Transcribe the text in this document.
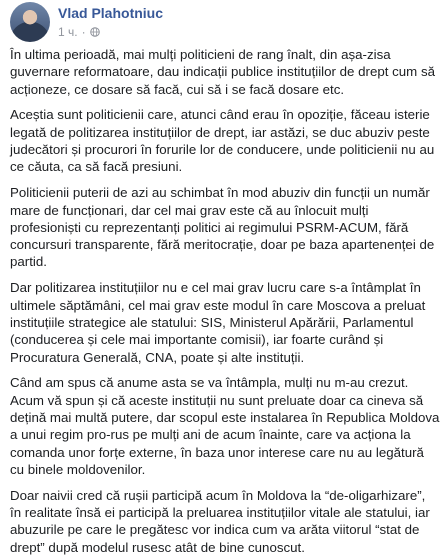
Vlad Plahotniuc
1 ч. ·

În ultima perioadă, mai mulți politicieni de rang înalt, din așa-zisa guvernare reformatoare, dau indicații publice instituțiilor de drept cum să acționeze, ce dosare să facă, cui să i se facă dosare etc.

Aceștia sunt politicienii care, atunci când erau în opoziție, făceau isterie legată de politizarea instituțiilor de drept, iar astăzi, se duc abuziv peste judecători și procurori în forurile lor de conducere, unde politicienii nu au ce căuta, ca să facă presiuni.

Politicienii puterii de azi au schimbat în mod abuziv din funcții un număr mare de funcționari, dar cel mai grav este că au înlocuit mulți profesioniști cu reprezentanți politici ai regimului PSRM-ACUM, fără concursuri transparente, fără meritocrație, doar pe baza apartenenței de partid.

Dar politizarea instituțiilor nu e cel mai grav lucru care s-a întâmplat în ultimele săptămâni, cel mai grav este modul în care Moscova a preluat instituțiile strategice ale statului: SIS, Ministerul Apărării, Parlamentul (conducerea și cele mai importante comisii), iar foarte curând și Procuratura Generală, CNA, poate și alte instituții.

Când am spus că anume asta se va întâmpla, mulți nu m-au crezut. Acum vă spun și că aceste instituții nu sunt preluate doar ca cineva să dețină mai multă putere, dar scopul este instalarea în Republica Moldova a unui regim pro-rus pe mulți ani de acum înainte, care va acționa la comanda unor forțe externe, în baza unor interese care nu au legătură cu binele moldovenilor.

Doar naivii cred că rușii participă acum în Moldova la “de-oligarhizare”, în realitate însă ei participă la preluarea instituțiilor vitale ale statului, iar abuzurile pe care le pregătesc vor indica cum va arăta viitorul “stat de drept” după modelul rusesc atât de bine cunoscut.
